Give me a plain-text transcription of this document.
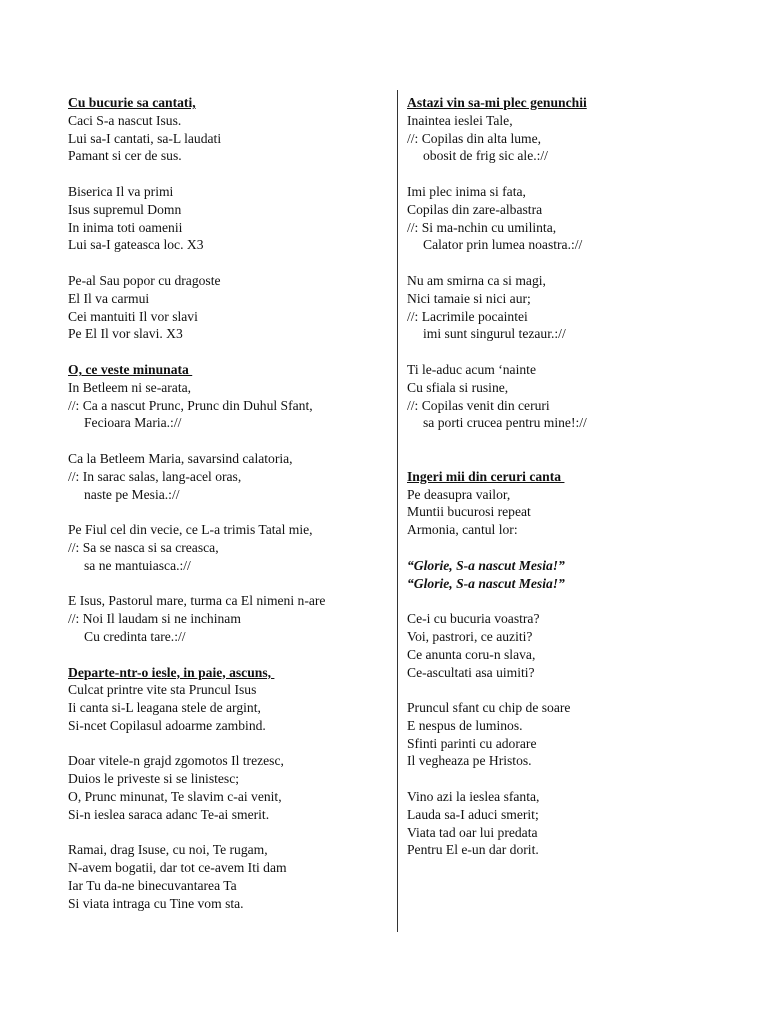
Cu bucurie sa cantati,
Caci S-a nascut Isus.
Lui sa-I cantati, sa-L laudati
Pamant si cer de sus.
Biserica Il va primi
Isus supremul Domn
In inima toti oamenii
Lui sa-I gateasca loc. X3
Pe-al Sau popor cu dragoste
El Il va carmui
Cei mantuiti Il vor slavi
Pe El Il vor slavi. X3
O, ce veste minunata
In Betleem ni se-arata,
//: Ca a nascut Prunc, Prunc din Duhul Sfant,
Fecioara Maria.://
Ca la Betleem Maria, savarsind calatoria,
//: In sarac salas, lang-acel oras,
naste pe Mesia.://
Pe Fiul cel din vecie, ce L-a trimis Tatal mie,
//: Sa se nasca si sa creasca,
sa ne mantuiasca.://
E Isus, Pastorul mare, turma ca El nimeni n-are
//: Noi Il laudam si ne inchinam
Cu credinta tare.://
Departe-ntr-o iesle, in paie, ascuns,
Culcat printre vite sta Pruncul Isus
Ii canta si-L leagana stele de argint,
Si-ncet Copilasul adoarme zambind.
Doar vitele-n grajd zgomotos Il trezesc,
Duios le priveste si se linistesc;
O, Prunc minunat, Te slavim c-ai venit,
Si-n ieslea saraca adanc Te-ai smerit.
Ramai, drag Isuse, cu noi, Te rugam,
N-avem bogatii, dar tot ce-avem Iti dam
Iar Tu da-ne binecuvantarea Ta
Si viata intraga cu Tine vom sta.
Astazi vin sa-mi plec genunchii
Inaintea ieslei Tale,
//: Copilas din alta lume,
obosit de frig sic ale.://
Imi plec inima si fata,
Copilas din zare-albastra
//: Si ma-nchin cu umilinta,
Calator prin lumea noastra.://
Nu am smirna ca si magi,
Nici tamaie si nici aur;
//: Lacrimile pocaintei
imi sunt singurul tezaur.://
Ti le-aduc acum ‘nainte
Cu sfiala si rusine,
//: Copilas venit din ceruri
sa porti crucea pentru mine!://
Ingeri mii din ceruri canta
Pe deasupra vailor,
Muntii bucurosi repeat
Armonia, cantul lor:
“Glorie, S-a nascut Mesia!”
“Glorie, S-a nascut Mesia!”
Ce-i cu bucuria voastra?
Voi, pastrori, ce auziti?
Ce anunta coru-n slava,
Ce-ascultati asa uimiti?
Pruncul sfant cu chip de soare
E nespus de luminos.
Sfinti parinti cu adorare
Il vegheaza pe Hristos.
Vino azi la ieslea sfanta,
Lauda sa-I aduci smerit;
Viata tad oar lui predata
Pentru El e-un dar dorit.
